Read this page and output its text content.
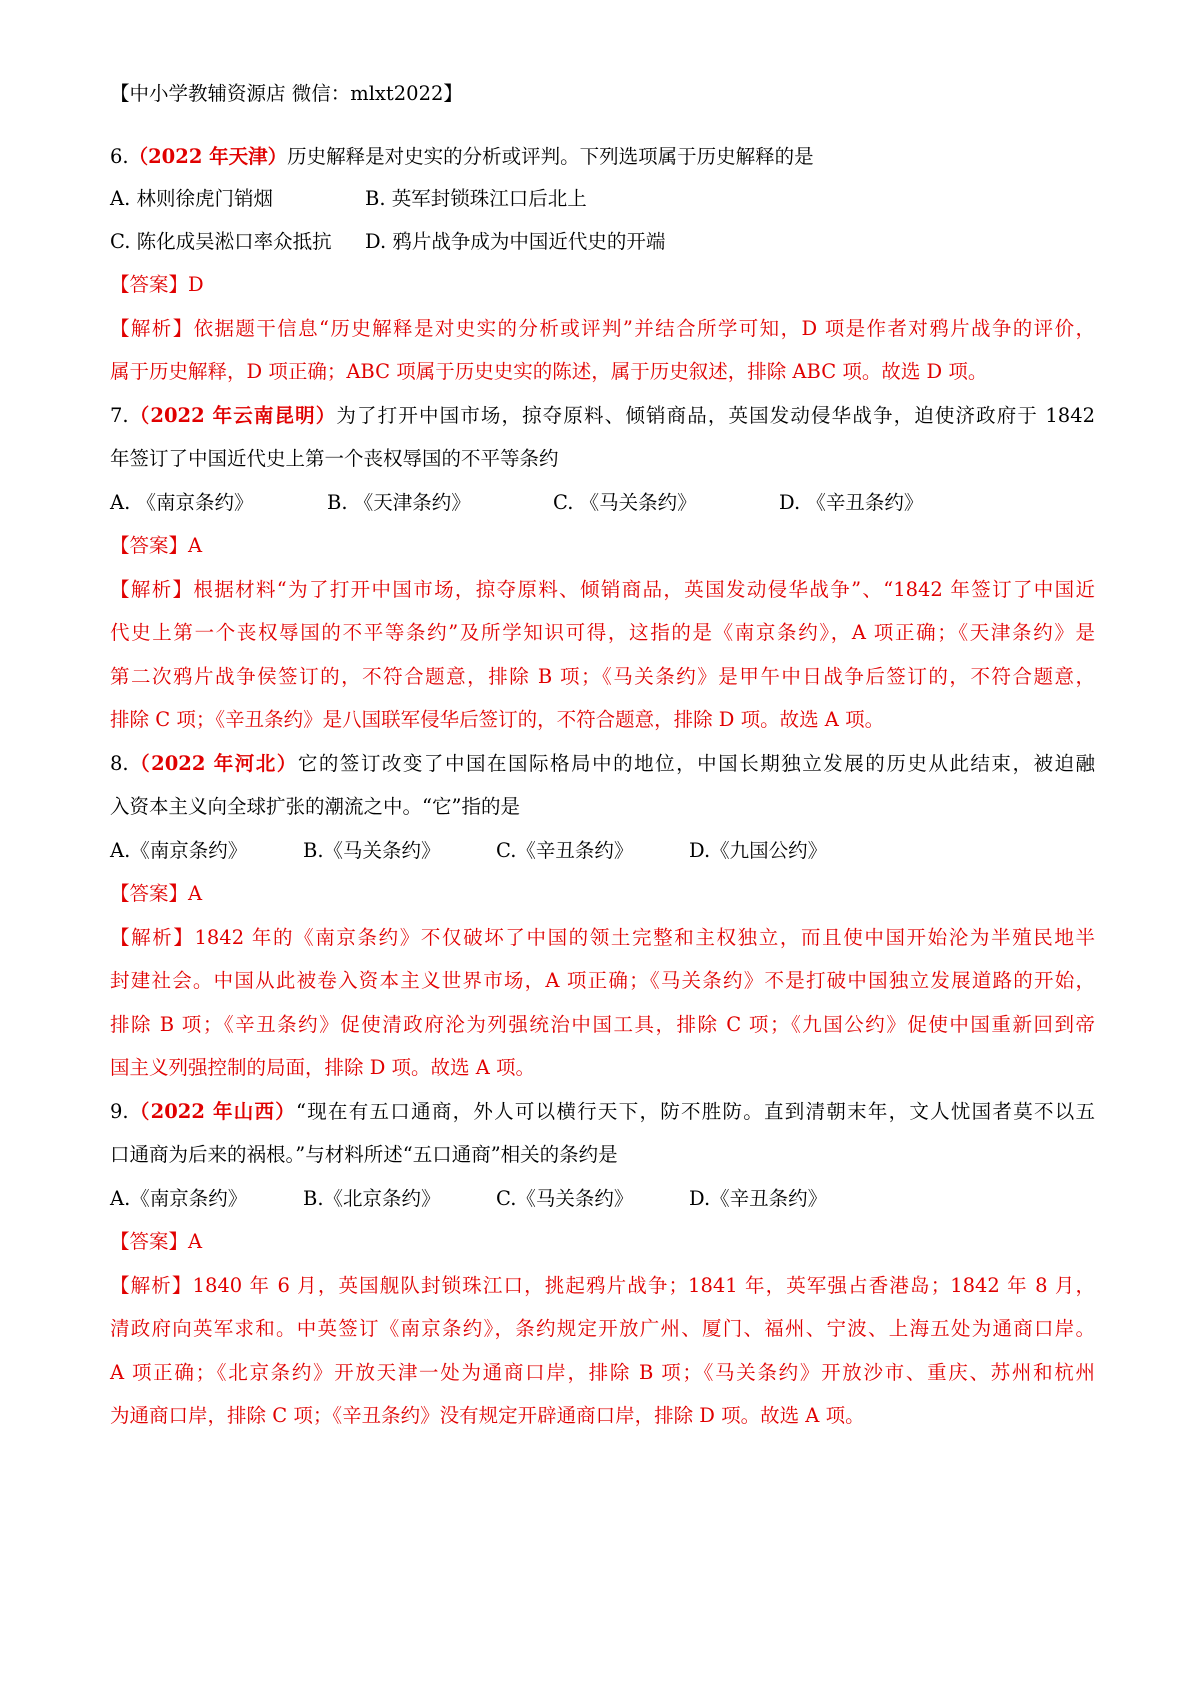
【中小学教辅资源店 微信：mlxt2022】
6.（2022 年天津）历史解释是对史实的分析或评判。下列选项属于历史解释的是
A. 林则徐虎门销烟	B. 英军封锁珠江口后北上
C. 陈化成吴淞口率众抵抗 D. 鸦片战争成为中国近代史的开端
【答案】D
【解析】依据题干信息“历史解释是对史实的分析或评判”并结合所学可知，D 项是作者对鸦片战争的评价，
属于历史解释，D 项正确；ABC 项属于历史史实的陈述，属于历史叙述，排除 ABC 项。故选 D 项。
7.（2022 年云南昆明）为了打开中国市场，掠夺原料、倾销商品，英国发动侵华战争，迫使济政府于 1842
年签订了中国近代史上第一个丧权辱国的不平等条约
A. 《南京条约》	B. 《天津条约》	C. 《马关条约》	D. 《辛丑条约》
【答案】A
【解析】根据材料“为了打开中国市场，掠夺原料、倾销商品，英国发动侵华战争”、“1842 年签订了中国近
代史上第一个丧权辱国的不平等条约”及所学知识可得，这指的是《南京条约》，A 项正确；《天津条约》是
第二次鸦片战争侯签订的，不符合题意，排除 B 项；《马关条约》是甲午中日战争后签订的，不符合题意，
排除 C 项；《辛丑条约》是八国联军侵华后签订的，不符合题意，排除 D 项。故选 A 项。
8.（2022 年河北）它的签订改变了中国在国际格局中的地位，中国长期独立发展的历史从此结束，被迫融
入资本主义向全球扩张的潮流之中。“它”指的是
A.《南京条约》	B.《马关条约》	C.《辛丑条约》	D.《九国公约》
【答案】A
【解析】1842 年的《南京条约》不仅破坏了中国的领土完整和主权独立，而且使中国开始沦为半殖民地半
封建社会。中国从此被卷入资本主义世界市场，A 项正确；《马关条约》不是打破中国独立发展道路的开始，
排除 B 项；《辛丑条约》促使清政府沦为列强统治中国工具，排除 C 项；《九国公约》促使中国重新回到帝
国主义列强控制的局面，排除 D 项。故选 A 项。
9.（2022 年山西）“现在有五口通商，外人可以横行天下，防不胜防。直到清朝末年，文人忧国者莫不以五
口通商为后来的祸根。”与材料所述“五口通商”相关的条约是
A.《南京条约》	B.《北京条约》	C.《马关条约》	D.《辛丑条约》
【答案】A
【解析】1840 年 6 月，英国舰队封锁珠江口，挑起鸦片战争；1841 年，英军强占香港岛；1842 年 8 月，
清政府向英军求和。中英签订《南京条约》，条约规定开放广州、厦门、福州、宁波、上海五处为通商口岸。
A 项正确；《北京条约》开放天津一处为通商口岸，排除 B 项；《马关条约》开放沙市、重庆、苏州和杭州
为通商口岸，排除 C 项；《辛丑条约》没有规定开辟通商口岸，排除 D 项。故选 A 项。
